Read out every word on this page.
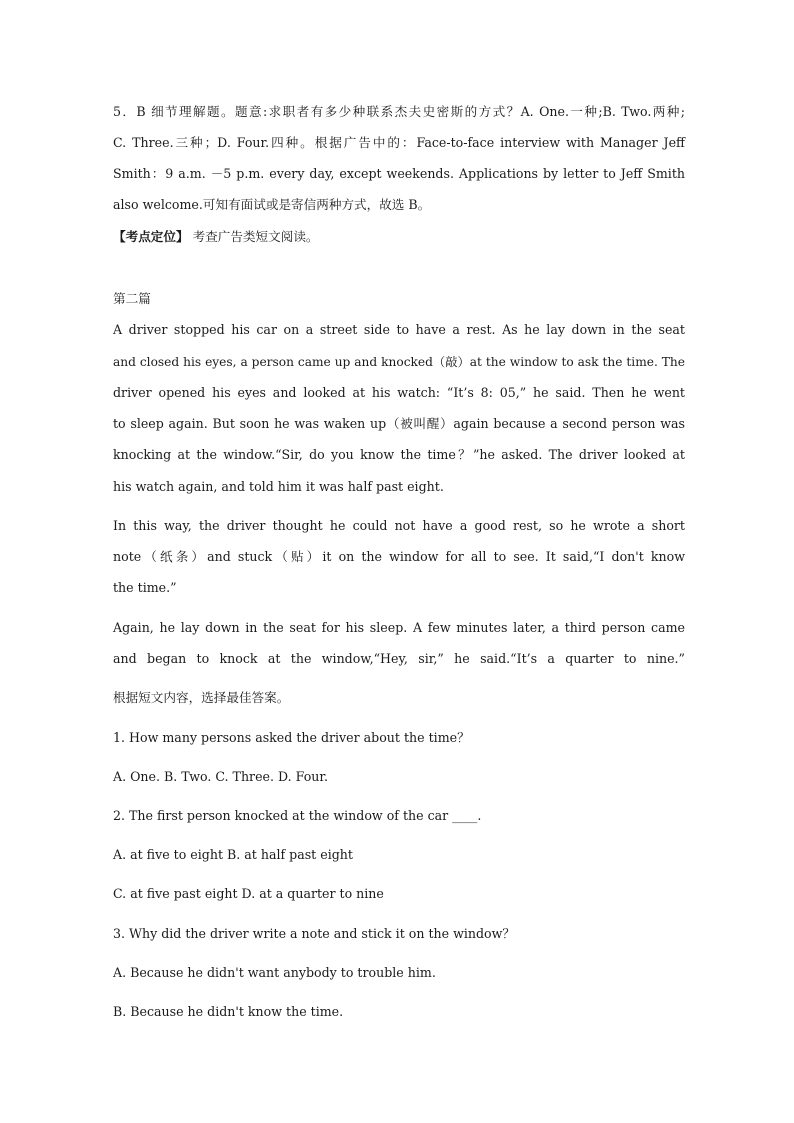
5．B 细节理解题。题意:求职者有多少种联系杰夫史密斯的方式？A. One.一种;B. Two.两种;
C. Three.三种；D. Four.四种。根据广告中的：Face-to-face interview with Manager Jeff
Smith：9 a.m. －5 p.m. every day, except weekends. Applications by letter to Jeff Smith
also welcome.可知有面试或是寄信两种方式，故选 B。
【考点定位】 考查广告类短文阅读。
第二篇
A driver stopped his car on a street side to have a rest. As he lay down in the seat
and closed his eyes, a person came up and knocked（敲）at the window to ask the time. The
driver opened his eyes and looked at his watch: “It’s 8: 05,” he said. Then he went
to sleep again. But soon he was waken up（被叫醒）again because a second person was
knocking at the window.“Sir, do you know the time？”he asked. The driver looked at
his watch again, and told him it was half past eight.
In this way, the driver thought he could not have a good rest, so he wrote a short
note（纸条）and stuck（贴）it on the window for all to see. It said,“I don't know
the time.”
Again, he lay down in the seat for his sleep. A few minutes later, a third person came
and began to knock at the window,“Hey, sir,” he said.“It’s a quarter to nine.”
根据短文内容，选择最佳答案。
1. How many persons asked the driver about the time？
A. One. B. Two. C. Three. D. Four.
2. The first person knocked at the window of the car ____.
A. at five to eight B. at half past eight
C. at five past eight D. at a quarter to nine
3. Why did the driver write a note and stick it on the window？
A. Because he didn't want anybody to trouble him.
B. Because he didn't know the time.
